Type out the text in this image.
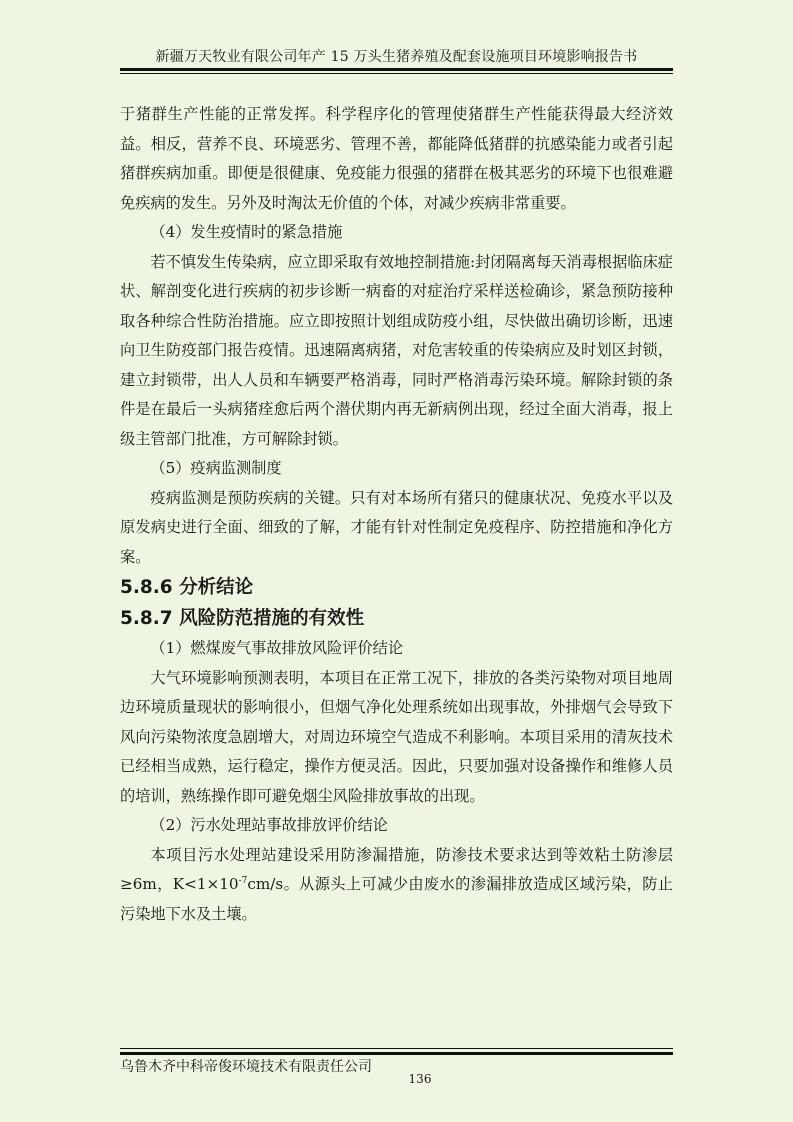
新疆万天牧业有限公司年产 15 万头生猪养殖及配套设施项目环境影响报告书

于猪群生产性能的正常发挥。科学程序化的管理使猪群生产性能获得最大经济效益。相反，营养不良、环境恶劣、管理不善，都能降低猪群的抗感染能力或者引起猪群疾病加重。即便是很健康、免疫能力很强的猪群在极其恶劣的环境下也很难避免疾病的发生。另外及时淘汰无价值的个体，对减少疾病非常重要。

（4）发生疫情时的紧急措施

若不慎发生传染病，应立即采取有效地控制措施:封闭隔离每天消毒根据临床症状、解剖变化进行疾病的初步诊断一病畜的对症治疗采样送检确诊，紧急预防接种取各种综合性防治措施。应立即按照计划组成防疫小组，尽快做出确切诊断，迅速向卫生防疫部门报告疫情。迅速隔离病猪，对危害较重的传染病应及时划区封锁，建立封锁带，出人人员和车辆要严格消毒，同时严格消毒污染环境。解除封锁的条件是在最后一头病猪痊愈后两个潜伏期内再无新病例出现，经过全面大消毒，报上级主管部门批准，方可解除封锁。

（5）疫病监测制度

疫病监测是预防疾病的关键。只有对本场所有猪只的健康状况、免疫水平以及原发病史进行全面、细致的了解，才能有针对性制定免疫程序、防控措施和净化方案。

5.8.6 分析结论
5.8.7 风险防范措施的有效性

（1）燃煤废气事故排放风险评价结论

大气环境影响预测表明，本项目在正常工况下，排放的各类污染物对项目地周边环境质量现状的影响很小，但烟气净化处理系统如出现事故，外排烟气会导致下风向污染物浓度急剧增大，对周边环境空气造成不利影响。本项目采用的清灰技术已经相当成熟，运行稳定，操作方便灵活。因此，只要加强对设备操作和维修人员的培训，熟练操作即可避免烟尘风险排放事故的出现。

（2）污水处理站事故排放评价结论

本项目污水处理站建设采用防渗漏措施，防渗技术要求达到等效粘土防渗层≥6m，$K<1\times 10^{-7}cm/s$。从源头上可减少由废水的渗漏排放造成区域污染，防止污染地下水及土壤。

乌鲁木齐中科帝俊环境技术有限责任公司
136
